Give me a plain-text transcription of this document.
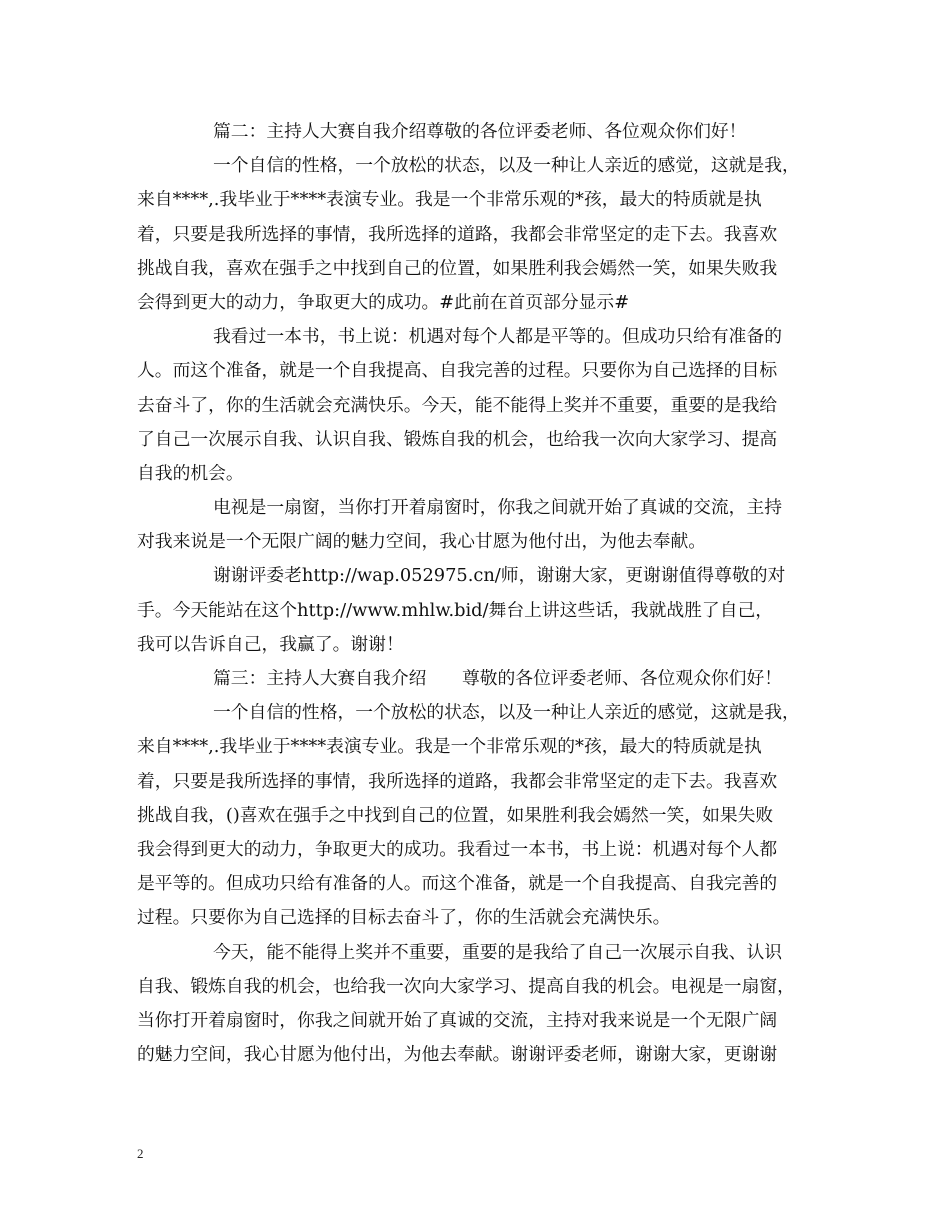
篇二：主持人大赛自我介绍尊敬的各位评委老师、各位观众你们好！
一个自信的性格，一个放松的状态，以及一种让人亲近的感觉，这就是我，
来自****,.我毕业于****表演专业。我是一个非常乐观的*孩，最大的特质就是执
着，只要是我所选择的事情，我所选择的道路，我都会非常坚定的走下去。我喜欢
挑战自我，喜欢在强手之中找到自己的位置，如果胜利我会嫣然一笑，如果失败我
会得到更大的动力，争取更大的成功。#此前在首页部分显示#
我看过一本书，书上说：机遇对每个人都是平等的。但成功只给有准备的
人。而这个准备，就是一个自我提高、自我完善的过程。只要你为自己选择的目标
去奋斗了，你的生活就会充满快乐。今天，能不能得上奖并不重要，重要的是我给
了自己一次展示自我、认识自我、锻炼自我的机会，也给我一次向大家学习、提高
自我的机会。
电视是一扇窗，当你打开着扇窗时，你我之间就开始了真诚的交流，主持
对我来说是一个无限广阔的魅力空间，我心甘愿为他付出，为他去奉献。
谢谢评委老http://wap.052975.cn/师，谢谢大家，更谢谢值得尊敬的对
手。今天能站在这个http://www.mhlw.bid/舞台上讲这些话，我就战胜了自己，
我可以告诉自己，我赢了。谢谢！
篇三：主持人大赛自我介绍　　尊敬的各位评委老师、各位观众你们好！
一个自信的性格，一个放松的状态，以及一种让人亲近的感觉，这就是我，
来自****,.我毕业于****表演专业。我是一个非常乐观的*孩，最大的特质就是执
着，只要是我所选择的事情，我所选择的道路，我都会非常坚定的走下去。我喜欢
挑战自我，()喜欢在强手之中找到自己的位置，如果胜利我会嫣然一笑，如果失败
我会得到更大的动力，争取更大的成功。我看过一本书，书上说：机遇对每个人都
是平等的。但成功只给有准备的人。而这个准备，就是一个自我提高、自我完善的
过程。只要你为自己选择的目标去奋斗了，你的生活就会充满快乐。
今天，能不能得上奖并不重要，重要的是我给了自己一次展示自我、认识
自我、锻炼自我的机会，也给我一次向大家学习、提高自我的机会。电视是一扇窗，
当你打开着扇窗时，你我之间就开始了真诚的交流，主持对我来说是一个无限广阔
的魅力空间，我心甘愿为他付出，为他去奉献。谢谢评委老师，谢谢大家，更谢谢
2
